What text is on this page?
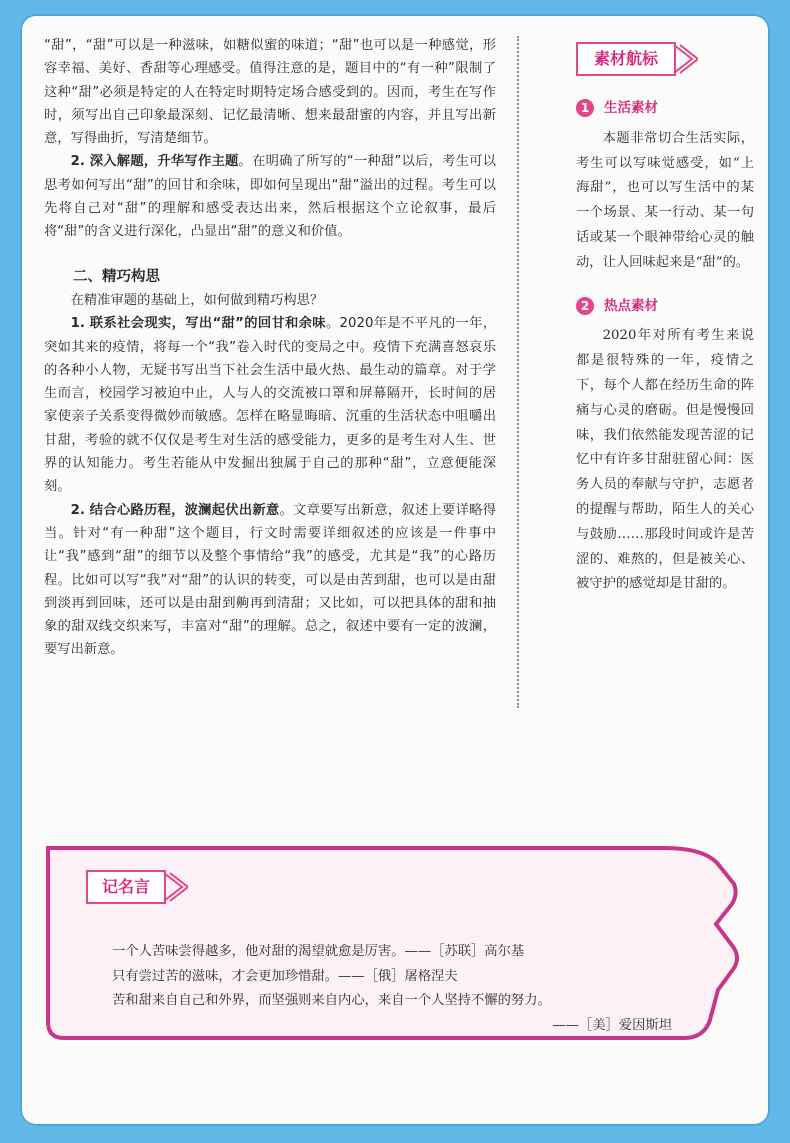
“甜”，“甜”可以是一种滋味，如糖似蜜的味道；“甜”也可以是一种感觉，形容幸福、美好、香甜等心理感受。值得注意的是，题目中的“有一种”限制了这种“甜”必须是特定的人在特定时期特定场合感受到的。因而，考生在写作时，须写出自己印象最深刻、记忆最清晰、想来最甜蜜的内容，并且写出新意，写得曲折，写清楚细节。

2. 深入解题，升华写作主题。在明确了所写的“一种甜”以后，考生可以思考如何写出“甜”的回甘和余味，即如何呈现出“甜”溢出的过程。考生可以先将自己对“甜”的理解和感受表达出来，然后根据这个立论叙事，最后将“甜”的含义进行深化，凸显出“甜”的意义和价值。

二、精巧构思

在精准审题的基础上，如何做到精巧构思？

1. 联系社会现实，写出“甜”的回甘和余味。2020年是不平凡的一年，突如其来的疫情，将每一个“我”卷入时代的变局之中。疫情下充满喜怒哀乐的各种小人物，无疑书写出当下社会生活中最火热、最生动的篇章。对于学生而言，校园学习被迫中止，人与人的交流被口罩和屏幕隔开，长时间的居家使亲子关系变得微妙而敏感。怎样在略显晦暗、沉重的生活状态中咀嚼出甘甜，考验的就不仅仅是考生对生活的感受能力，更多的是考生对人生、世界的认知能力。考生若能从中发掘出独属于自己的那种“甜”，立意便能深刻。

2. 结合心路历程，波澜起伏出新意。文章要写出新意，叙述上要详略得当。针对“有一种甜”这个题目，行文时需要详细叙述的应该是一件事中让“我”感到“甜”的细节以及整个事情给“我”的感受，尤其是“我”的心路历程。比如可以写“我”对“甜”的认识的转变，可以是由苦到甜，也可以是由甜到淡再到回味，还可以是由甜到齁再到清甜；又比如，可以把具体的甜和抽象的甜双线交织来写，丰富对“甜”的理解。总之，叙述中要有一定的波澜，要写出新意。

素材航标
1	生活素材

本题非常切合生活实际，考生可以写味觉感受，如“上海甜”，也可以写生活中的某一个场景、某一行动、某一句话或某一个眼神带给心灵的触动，让人回味起来是“甜”的。

2	热点素材

2020年对所有考生来说都是很特殊的一年，疫情之下，每个人都在经历生命的阵痛与心灵的磨砺。但是慢慢回味，我们依然能发现苦涩的记忆中有许多甘甜驻留心间：医务人员的奉献与守护，志愿者的提醒与帮助，陌生人的关心与鼓励……那段时间或许是苦涩的、难熬的，但是被关心、被守护的感觉却是甘甜的。

记名言

一个人苦味尝得越多，他对甜的渴望就愈是厉害。——［苏联］高尔基

只有尝过苦的滋味，才会更加珍惜甜。——［俄］屠格涅夫

苦和甜来自自己和外界，而坚强则来自内心，来自一个人坚持不懈的努力。

——［美］爱因斯坦
